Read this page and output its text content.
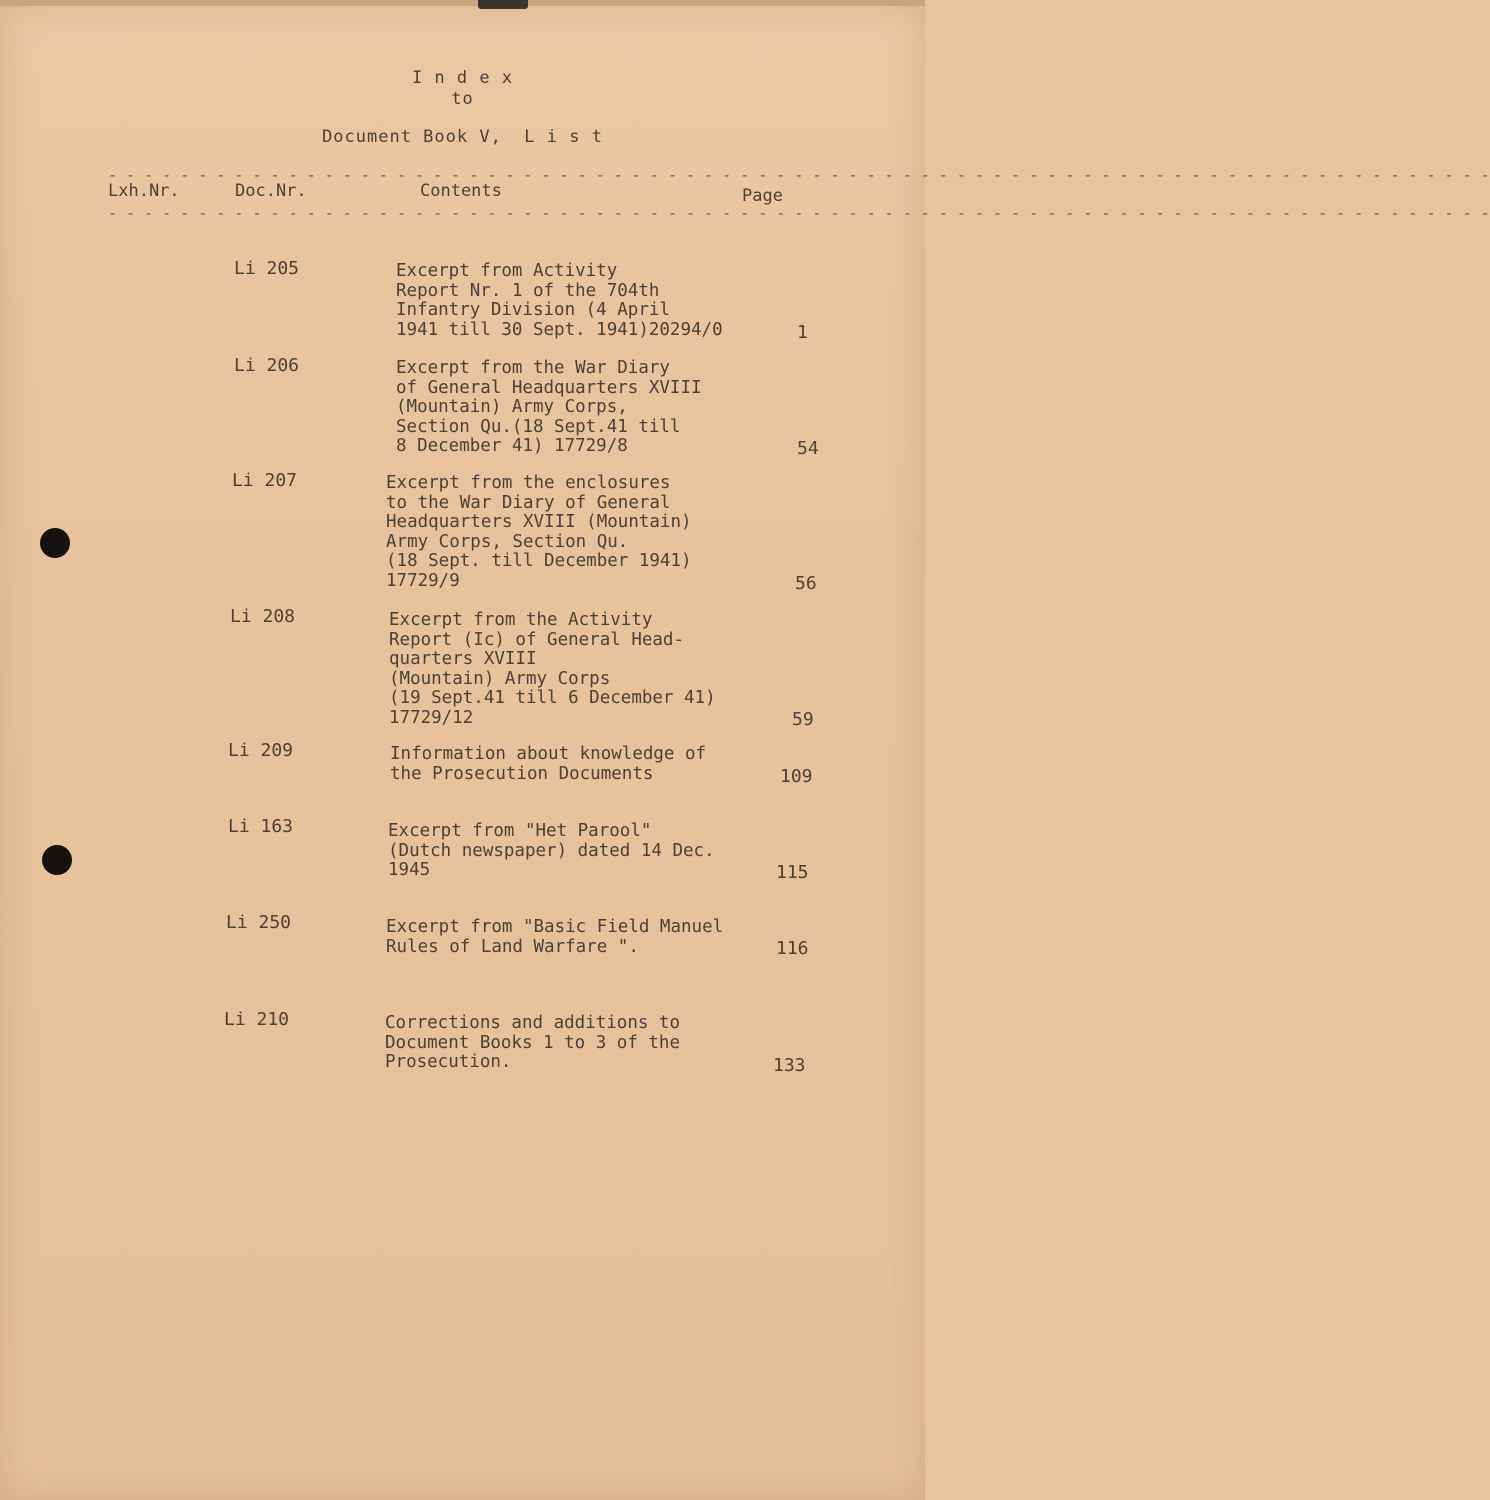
I n d e x
to
Document Book V,  L i s t
- - - - - - - - - - - - - - - - - - - - - - - - - - - - - - - - - - - - - - - - - - - - - - - - - - - - - - - - - - - - - - - - - - - - - - - - - - - - -
Lxh.Nr.	Doc.Nr.	Contents	Page
- - - - - - - - - - - - - - - - - - - - - - - - - - - - - - - - - - - - - - - - - - - - - - - - - - - - - - - - - - - - - - - - - - - - - - - - - - - - -
Li 205	Excerpt from Activity
Report Nr. 1 of the 704th
Infantry Division (4 April
1941 till 30 Sept. 1941)20294/0	1
Li 206	Excerpt from the War Diary
of General Headquarters XVIII
(Mountain) Army Corps,
Section Qu.(18 Sept.41 till
8 December 41) 17729/8	54
Li 207	Excerpt from the enclosures
to the War Diary of General
Headquarters XVIII (Mountain)
Army Corps, Section Qu.
(18 Sept. till December 1941)
17729/9	56
Li 208	Excerpt from the Activity
Report (Ic) of General Head-
quarters XVIII
(Mountain) Army Corps
(19 Sept.41 till 6 December 41)
17729/12	59
Li 209	Information about knowledge of
the Prosecution Documents	109
Li 163	Excerpt from "Het Parool"
(Dutch newspaper) dated 14 Dec.
1945	115
Li 250	Excerpt from "Basic Field Manuel
Rules of Land Warfare ".	116
Li 210	Corrections and additions to
Document Books 1 to 3 of the
Prosecution.	133
